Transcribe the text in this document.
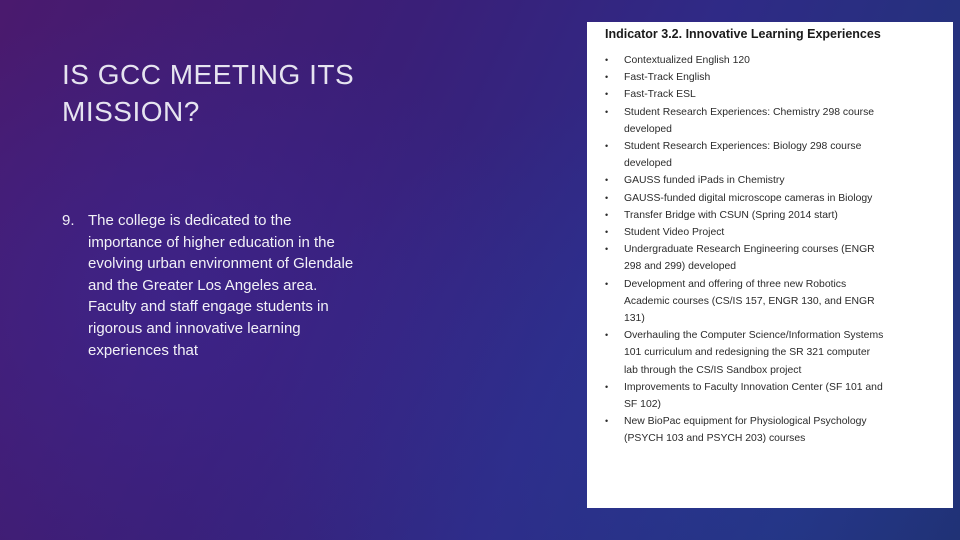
IS GCC MEETING ITS MISSION?
9. The college is dedicated to the importance of higher education in the evolving urban environment of Glendale and the Greater Los Angeles area. Faculty and staff engage students in rigorous and innovative learning experiences that
Indicator 3.2. Innovative Learning Experiences
•	Contextualized English 120
•	Fast-Track English
•	Fast-Track ESL
•	Student Research Experiences: Chemistry 298 course developed
•	Student Research Experiences: Biology 298 course developed
•	GAUSS funded iPads in Chemistry
•	GAUSS-funded digital microscope cameras in Biology
•	Transfer Bridge with CSUN (Spring 2014 start)
•	Student Video Project
•	Undergraduate Research Engineering courses (ENGR 298 and 299) developed
•	Development and offering of three new Robotics Academic courses (CS/IS 157, ENGR 130, and ENGR 131)
•	Overhauling the Computer Science/Information Systems 101 curriculum and redesigning the SR 321 computer lab through the CS/IS Sandbox project
•	Improvements to Faculty Innovation Center (SF 101 and SF 102)
•	New BioPac equipment for Physiological Psychology (PSYCH 103 and PSYCH 203) courses
